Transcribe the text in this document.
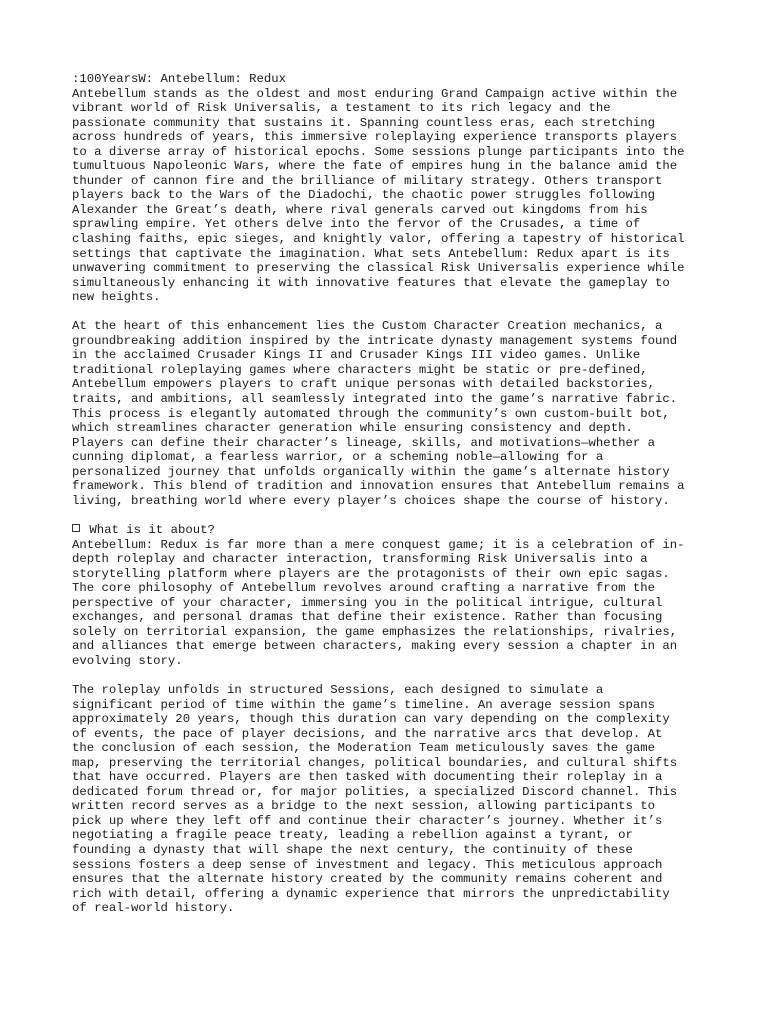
:100YearsW: Antebellum: Redux
Antebellum stands as the oldest and most enduring Grand Campaign active within the
vibrant world of Risk Universalis, a testament to its rich legacy and the
passionate community that sustains it. Spanning countless eras, each stretching
across hundreds of years, this immersive roleplaying experience transports players
to a diverse array of historical epochs. Some sessions plunge participants into the
tumultuous Napoleonic Wars, where the fate of empires hung in the balance amid the
thunder of cannon fire and the brilliance of military strategy. Others transport
players back to the Wars of the Diadochi, the chaotic power struggles following
Alexander the Great’s death, where rival generals carved out kingdoms from his
sprawling empire. Yet others delve into the fervor of the Crusades, a time of
clashing faiths, epic sieges, and knightly valor, offering a tapestry of historical
settings that captivate the imagination. What sets Antebellum: Redux apart is its
unwavering commitment to preserving the classical Risk Universalis experience while
simultaneously enhancing it with innovative features that elevate the gameplay to
new heights.
At the heart of this enhancement lies the Custom Character Creation mechanics, a
groundbreaking addition inspired by the intricate dynasty management systems found
in the acclaimed Crusader Kings II and Crusader Kings III video games. Unlike
traditional roleplaying games where characters might be static or pre-defined,
Antebellum empowers players to craft unique personas with detailed backstories,
traits, and ambitions, all seamlessly integrated into the game’s narrative fabric.
This process is elegantly automated through the community’s own custom-built bot,
which streamlines character generation while ensuring consistency and depth.
Players can define their character’s lineage, skills, and motivations—whether a
cunning diplomat, a fearless warrior, or a scheming noble—allowing for a
personalized journey that unfolds organically within the game’s alternate history
framework. This blend of tradition and innovation ensures that Antebellum remains a
living, breathing world where every player’s choices shape the course of history.
What is it about?
Antebellum: Redux is far more than a mere conquest game; it is a celebration of in-
depth roleplay and character interaction, transforming Risk Universalis into a
storytelling platform where players are the protagonists of their own epic sagas.
The core philosophy of Antebellum revolves around crafting a narrative from the
perspective of your character, immersing you in the political intrigue, cultural
exchanges, and personal dramas that define their existence. Rather than focusing
solely on territorial expansion, the game emphasizes the relationships, rivalries,
and alliances that emerge between characters, making every session a chapter in an
evolving story.
The roleplay unfolds in structured Sessions, each designed to simulate a
significant period of time within the game’s timeline. An average session spans
approximately 20 years, though this duration can vary depending on the complexity
of events, the pace of player decisions, and the narrative arcs that develop. At
the conclusion of each session, the Moderation Team meticulously saves the game
map, preserving the territorial changes, political boundaries, and cultural shifts
that have occurred. Players are then tasked with documenting their roleplay in a
dedicated forum thread or, for major polities, a specialized Discord channel. This
written record serves as a bridge to the next session, allowing participants to
pick up where they left off and continue their character’s journey. Whether it’s
negotiating a fragile peace treaty, leading a rebellion against a tyrant, or
founding a dynasty that will shape the next century, the continuity of these
sessions fosters a deep sense of investment and legacy. This meticulous approach
ensures that the alternate history created by the community remains coherent and
rich with detail, offering a dynamic experience that mirrors the unpredictability
of real-world history.
